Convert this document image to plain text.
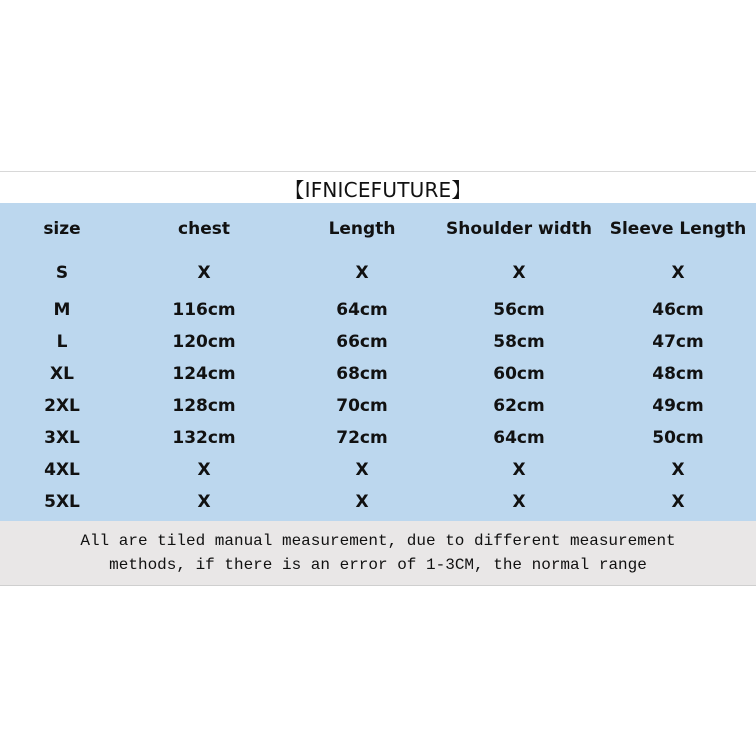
【IFNICEFUTURE】
size	chest	Length	Shoulder width	Sleeve Length
S	X	X	X	X
M	116cm	64cm	56cm	46cm
L	120cm	66cm	58cm	47cm
XL	124cm	68cm	60cm	48cm
2XL	128cm	70cm	62cm	49cm
3XL	132cm	72cm	64cm	50cm
4XL	X	X	X	X
5XL	X	X	X	X
All are tiled manual measurement, due to different measurement
methods, if there is an error of 1-3CM, the normal range
